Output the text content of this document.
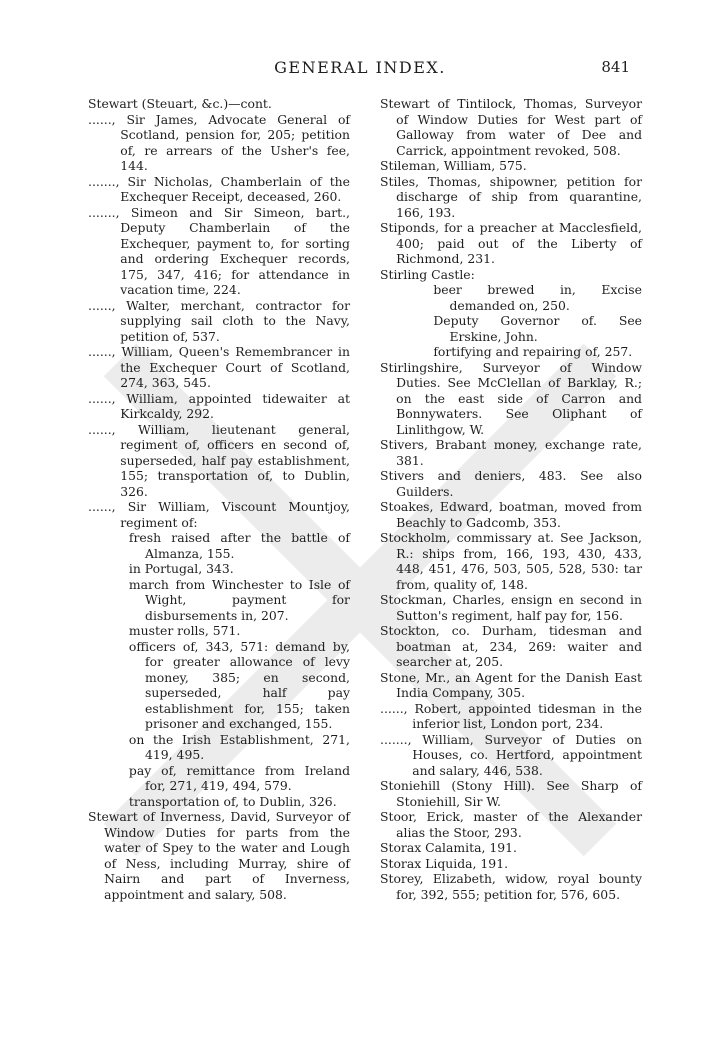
GENERAL INDEX.	841
Stewart (Steuart, &c.)—cont.
......, Sir James, Advocate General of Scotland, pension for, 205; petition of, re arrears of the Usher's fee, 144.
......., Sir Nicholas, Chamberlain of the Exchequer Receipt, deceased, 260.
......., Simeon and Sir Simeon, bart., Deputy Chamberlain of the Exchequer, payment to, for sorting and ordering Exchequer records, 175, 347, 416; for attendance in vacation time, 224.
......, Walter, merchant, contractor for supplying sail cloth to the Navy, petition of, 537.
......, William, Queen's Remembrancer in the Exchequer Court of Scotland, 274, 363, 545.
......, William, appointed tidewaiter at Kirkcaldy, 292.
......, William, lieutenant general, regiment of, officers en second of, superseded, half pay establishment, 155; transportation of, to Dublin, 326.
......, Sir William, Viscount Mountjoy, regiment of:
fresh raised after the battle of Almanza, 155.
in Portugal, 343.
march from Winchester to Isle of Wight, payment for disbursements in, 207.
muster rolls, 571.
officers of, 343, 571: demand by, for greater allowance of levy money, 385; en second, superseded, half pay establishment for, 155; taken prisoner and exchanged, 155.
on the Irish Establishment, 271, 419, 495.
pay of, remittance from Ireland for, 271, 419, 494, 579.
transportation of, to Dublin, 326.
Stewart of Inverness, David, Surveyor of Window Duties for parts from the water of Spey to the water and Lough of Ness, including Murray, shire of Nairn and part of Inverness, appointment and salary, 508.
Stewart of Tintilock, Thomas, Surveyor of Window Duties for West part of Galloway from water of Dee and Carrick, appointment revoked, 508.
Stileman, William, 575.
Stiles, Thomas, shipowner, petition for discharge of ship from quarantine, 166, 193.
Stiponds, for a preacher at Macclesfield, 400; paid out of the Liberty of Richmond, 231.
Stirling Castle:
beer brewed in, Excise demanded on, 250.
Deputy Governor of. See Erskine, John.
fortifying and repairing of, 257.
Stirlingshire, Surveyor of Window Duties. See McClellan of Barklay, R.; on the east side of Carron and Bonnywaters. See Oliphant of Linlithgow, W.
Stivers, Brabant money, exchange rate, 381.
Stivers and deniers, 483. See also Guilders.
Stoakes, Edward, boatman, moved from Beachly to Gadcomb, 353.
Stockholm, commissary at. See Jackson, R.: ships from, 166, 193, 430, 433, 448, 451, 476, 503, 505, 528, 530: tar from, quality of, 148.
Stockman, Charles, ensign en second in Sutton's regiment, half pay for, 156.
Stockton, co. Durham, tidesman and boatman at, 234, 269: waiter and searcher at, 205.
Stone, Mr., an Agent for the Danish East India Company, 305.
......, Robert, appointed tidesman in the inferior list, London port, 234.
......., William, Surveyor of Duties on Houses, co. Hertford, appointment and salary, 446, 538.
Stoniehill (Stony Hill). See Sharp of Stoniehill, Sir W.
Stoor, Erick, master of the Alexander alias the Stoor, 293.
Storax Calamita, 191.
Storax Liquida, 191.
Storey, Elizabeth, widow, royal bounty for, 392, 555; petition for, 576, 605.
